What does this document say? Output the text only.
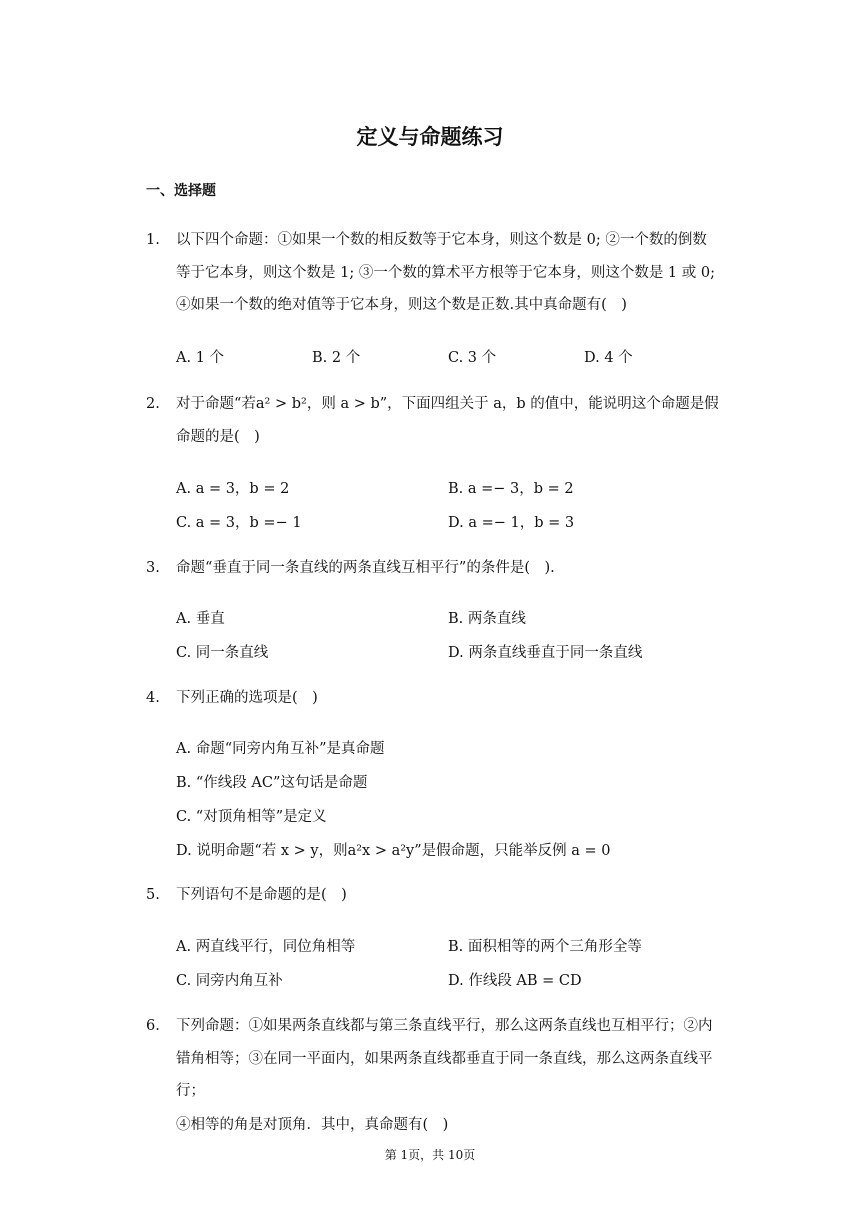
定义与命题练习
一、选择题
1. 以下四个命题：①如果一个数的相反数等于它本身，则这个数是 0; ②一个数的倒数等于它本身，则这个数是 1; ③一个数的算术平方根等于它本身，则这个数是 1 或 0; ④如果一个数的绝对值等于它本身，则这个数是正数.其中真命题有(　)
A. 1 个	B. 2 个	C. 3 个	D. 4 个
2. 对于命题“若a² > b²，则 a > b”，下面四组关于 a，b 的值中，能说明这个命题是假命题的是(　)
A. a = 3，b = 2	B. a =− 3，b = 2
C. a = 3，b =− 1	D. a =− 1，b = 3
3. 命题“垂直于同一条直线的两条直线互相平行”的条件是(　).
A. 垂直	B. 两条直线
C. 同一条直线	D. 两条直线垂直于同一条直线
4. 下列正确的选项是(　)
A. 命题“同旁内角互补”是真命题
B. “作线段 AC”这句话是命题
C. “对顶角相等”是定义
D. 说明命题“若 x > y，则a²x > a²y”是假命题，只能举反例 a = 0
5. 下列语句不是命题的是(　)
A. 两直线平行，同位角相等	B. 面积相等的两个三角形全等
C. 同旁内角互补	D. 作线段 AB = CD
6. 下列命题：①如果两条直线都与第三条直线平行，那么这两条直线也互相平行；②内错角相等；③在同一平面内，如果两条直线都垂直于同一条直线，那么这两条直线平行；
④相等的角是对顶角．其中，真命题有(　)
第 1页，共 10页
